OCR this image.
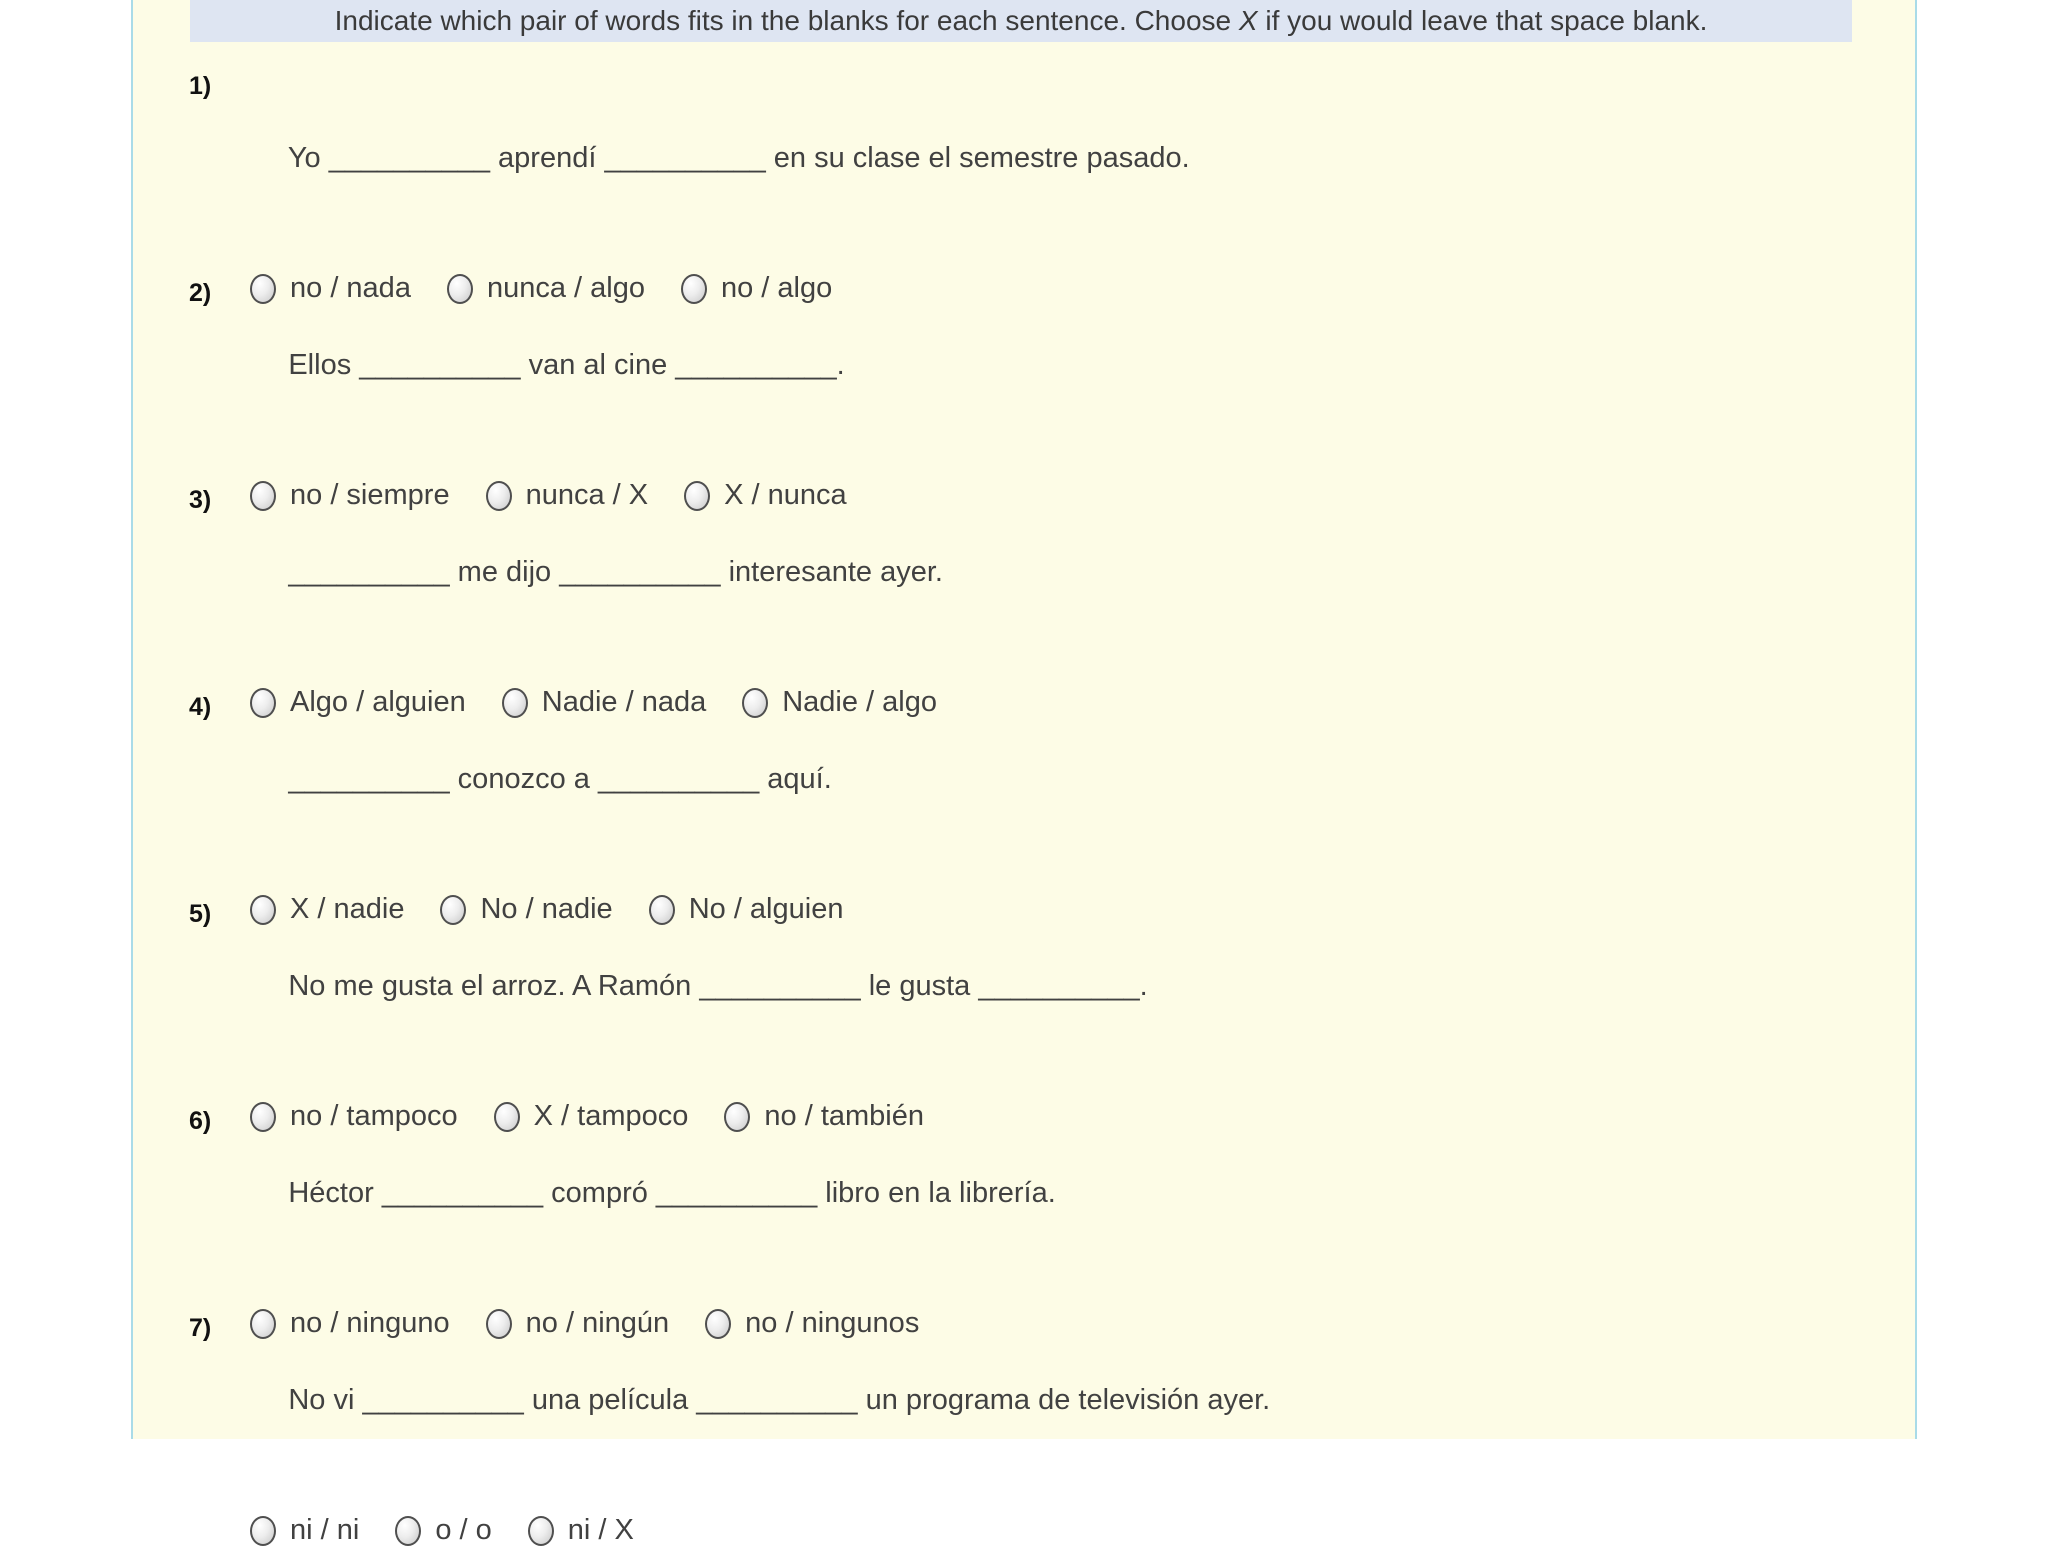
Indicate which pair of words fits in the blanks for each sentence. Choose X if you would leave that space blank.

1)

Yo __________ aprendí __________ en su clase el semestre pasado.

no / nada	nunca / algo	no / algo

2)

Ellos __________ van al cine __________.

no / siempre	nunca / X	X / nunca

3)

__________ me dijo __________ interesante ayer.

Algo / alguien	Nadie / nada	Nadie / algo

4)

__________ conozco a __________ aquí.

X / nadie	No / nadie	No / alguien

5)

No me gusta el arroz. A Ramón __________ le gusta __________.

no / tampoco	X / tampoco	no / también

6)

Héctor __________ compró __________ libro en la librería.

no / ninguno	no / ningún	no / ningunos

7)

No vi __________ una película __________ un programa de televisión ayer.

ni / ni	o / o	ni / X
